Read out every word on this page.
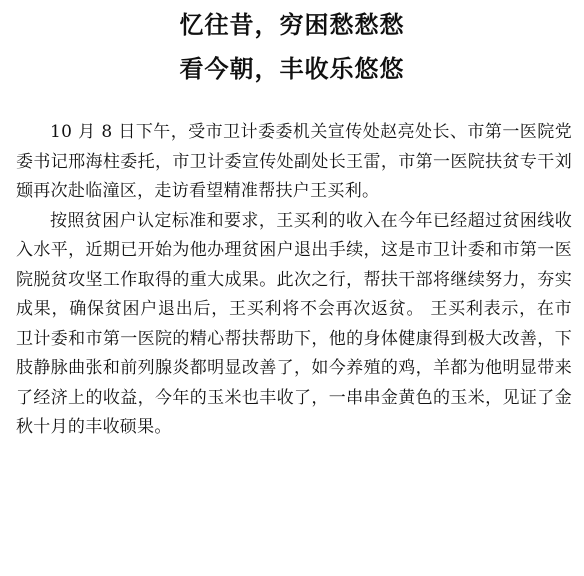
忆往昔，穷困愁愁愁
看今朝，丰收乐悠悠

10 月 8 日下午，受市卫计委委机关宣传处赵亮处长、市第一医院党委书记邢海柱委托，市卫计委宣传处副处长王雷，市第一医院扶贫专干刘颋再次赴临潼区，走访看望精准帮扶户王买利。

按照贫困户认定标准和要求，王买利的收入在今年已经超过贫困线收入水平，近期已开始为他办理贫困户退出手续，这是市卫计委和市第一医院脱贫攻坚工作取得的重大成果。此次之行，帮扶干部将继续努力，夯实成果，确保贫困户退出后，王买利将不会再次返贫。 王买利表示，在市卫计委和市第一医院的精心帮扶帮助下，他的身体健康得到极大改善，下肢静脉曲张和前列腺炎都明显改善了，如今养殖的鸡，羊都为他明显带来了经济上的收益，今年的玉米也丰收了，一串串金黄色的玉米，见证了金秋十月的丰收硕果。
